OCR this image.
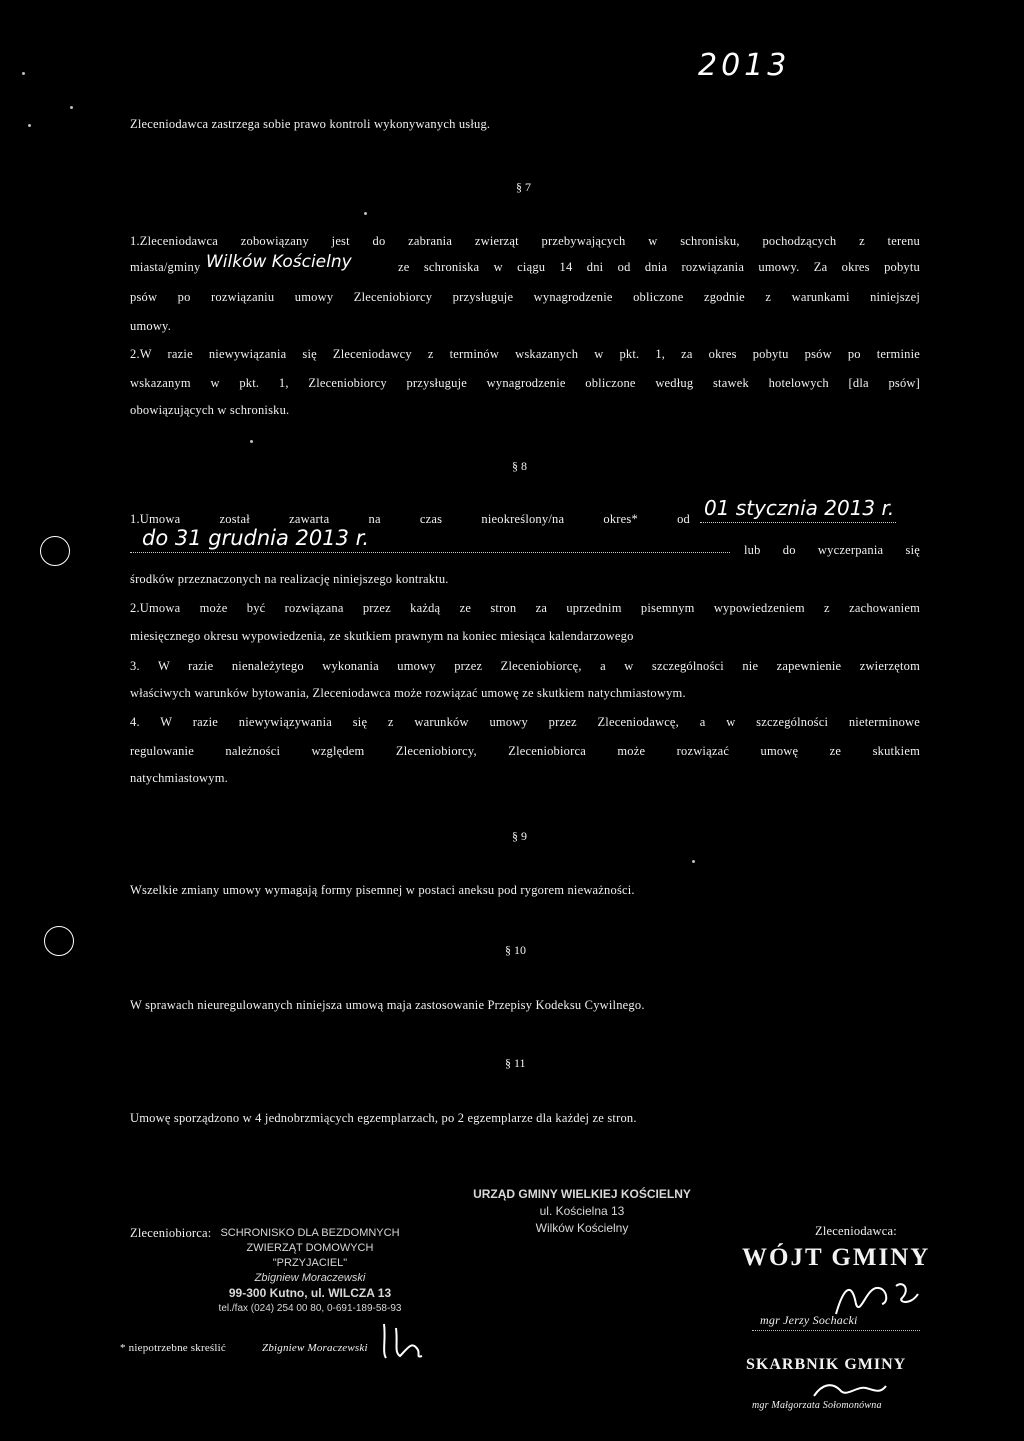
2013
Zleceniodawca zastrzega sobie prawo kontroli wykonywanych usług.
§ 7
1.Zleceniodawca zobowiązany jest do zabrania zwierząt przebywających w schronisku, pochodzących z terenu
miasta/gminy Wilków Kościelny	ze schroniska w ciągu 14 dni od dnia rozwiązania umowy. Za okres pobytu
psów po rozwiązaniu umowy Zleceniobiorcy przysługuje wynagrodzenie obliczone zgodnie z warunkami niniejszej
umowy.
2.W razie niewywiązania się Zleceniodawcy z terminów wskazanych w pkt. 1, za okres pobytu psów po terminie
wskazanym w pkt. 1, Zleceniobiorcy przysługuje wynagrodzenie obliczone według stawek hotelowych [dla psów]
obowiązujących w schronisku.
§ 8
1.Umowa został zawarta na czas nieokreślony/na okres* od 01 stycznia 2013 r.
do 31 grudnia 2013 r.	lub do wyczerpania się
środków przeznaczonych na realizację niniejszego kontraktu.
2.Umowa może być rozwiązana przez każdą ze stron za uprzednim pisemnym wypowiedzeniem z zachowaniem
miesięcznego okresu wypowiedzenia, ze skutkiem prawnym na koniec miesiąca kalendarzowego
3. W razie nienależytego wykonania umowy przez Zleceniobiorcę, a w szczególności nie zapewnienie zwierzętom
właściwych warunków bytowania, Zleceniodawca może rozwiązać umowę ze skutkiem natychmiastowym.
4. W razie niewywiązywania się z warunków umowy przez Zleceniodawcę, a w szczególności nieterminowe
regulowanie należności względem Zleceniobiorcy, Zleceniobiorca może rozwiązać umowę ze skutkiem
natychmiastowym.
§ 9
Wszelkie zmiany umowy wymagają formy pisemnej w postaci aneksu pod rygorem nieważności.
§ 10
W sprawach nieuregulowanych niniejsza umową maja zastosowanie Przepisy Kodeksu Cywilnego.
§ 11
Umowę sporządzono w 4 jednobrzmiących egzemplarzach, po 2 egzemplarze dla każdej ze stron.
Zleceniobiorca: SCHRONISKO DLA BEZDOMNYCH
ZWIERZĄT DOMOWYCH
"PRZYJACIEL"
Zbigniew Moraczewski
99-300 Kutno, ul. WILCZA 13
tel./fax (024) 254 00 80, 0-691-189-58-93
* niepotrzebne skreślić	Zbigniew Moraczewski
URZĄD GMINY WIELKIEJ KOŚCIELNY
ul. Kościelna 13
Wilków Kościelny	Zleceniodawca:
WÓJT GMINY
mgr Jerzy Sochacki
SKARBNIK GMINY
mgr Małgorzata Sołomonówna
